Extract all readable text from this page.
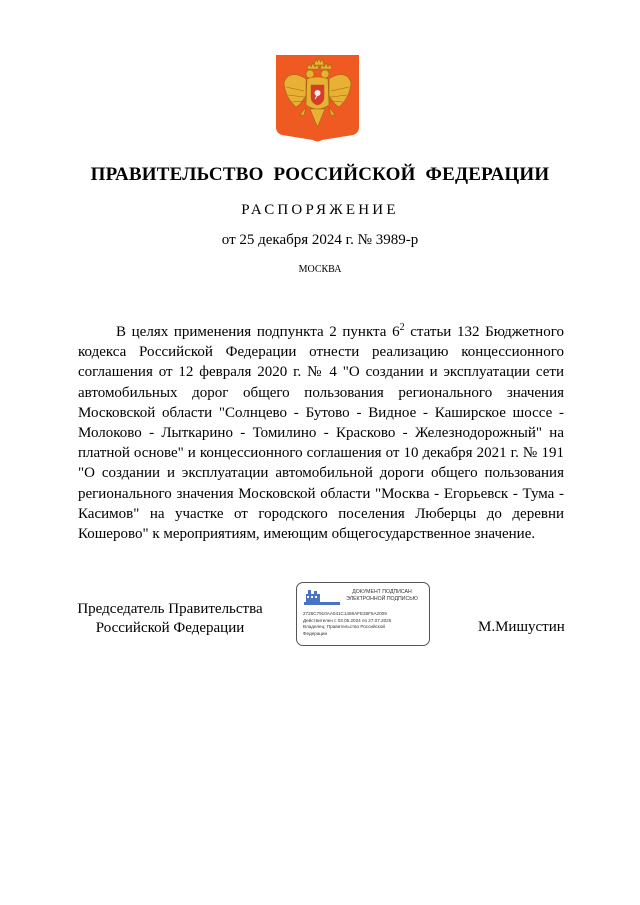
ПРАВИТЕЛЬСТВО РОССИЙСКОЙ ФЕДЕРАЦИИ
РАСПОРЯЖЕНИЕ
от 25 декабря 2024 г. № 3989-р
МОСКВА
В целях применения подпункта 2 пункта $6^2$ статьи 132 Бюджетного кодекса Российской Федерации отнести реализацию концессионного соглашения от 12 февраля 2020 г. № 4 "О создании и эксплуатации сети автомобильных дорог общего пользования регионального значения Московской области "Солнцево - Бутово - Видное - Каширское шоссе - Молоково - Лыткарино - Томилино - Красково - Железнодорожный" на платной основе" и концессионного соглашения от 10 декабря 2021 г. № 191 "О создании и эксплуатации автомобильной дороги общего пользования регионального значения Московской области "Москва - Егорьевск - Тума - Касимов" на участке от городского поселения Люберцы до деревни Кошерово" к мероприятиям, имеющим общегосударственное значение.
Председатель Правительства
Российской Федерации
ДОКУМЕНТ ПОДПИСАН
ЭЛЕКТРОННОЙ ПОДПИСЬЮ
2726C7910AA041C1458AFE36F5A2009
Действителен с 03.05.2024 по 27.07.2025
Владелец: Правительство Российской
Федерации	М.Мишустин
